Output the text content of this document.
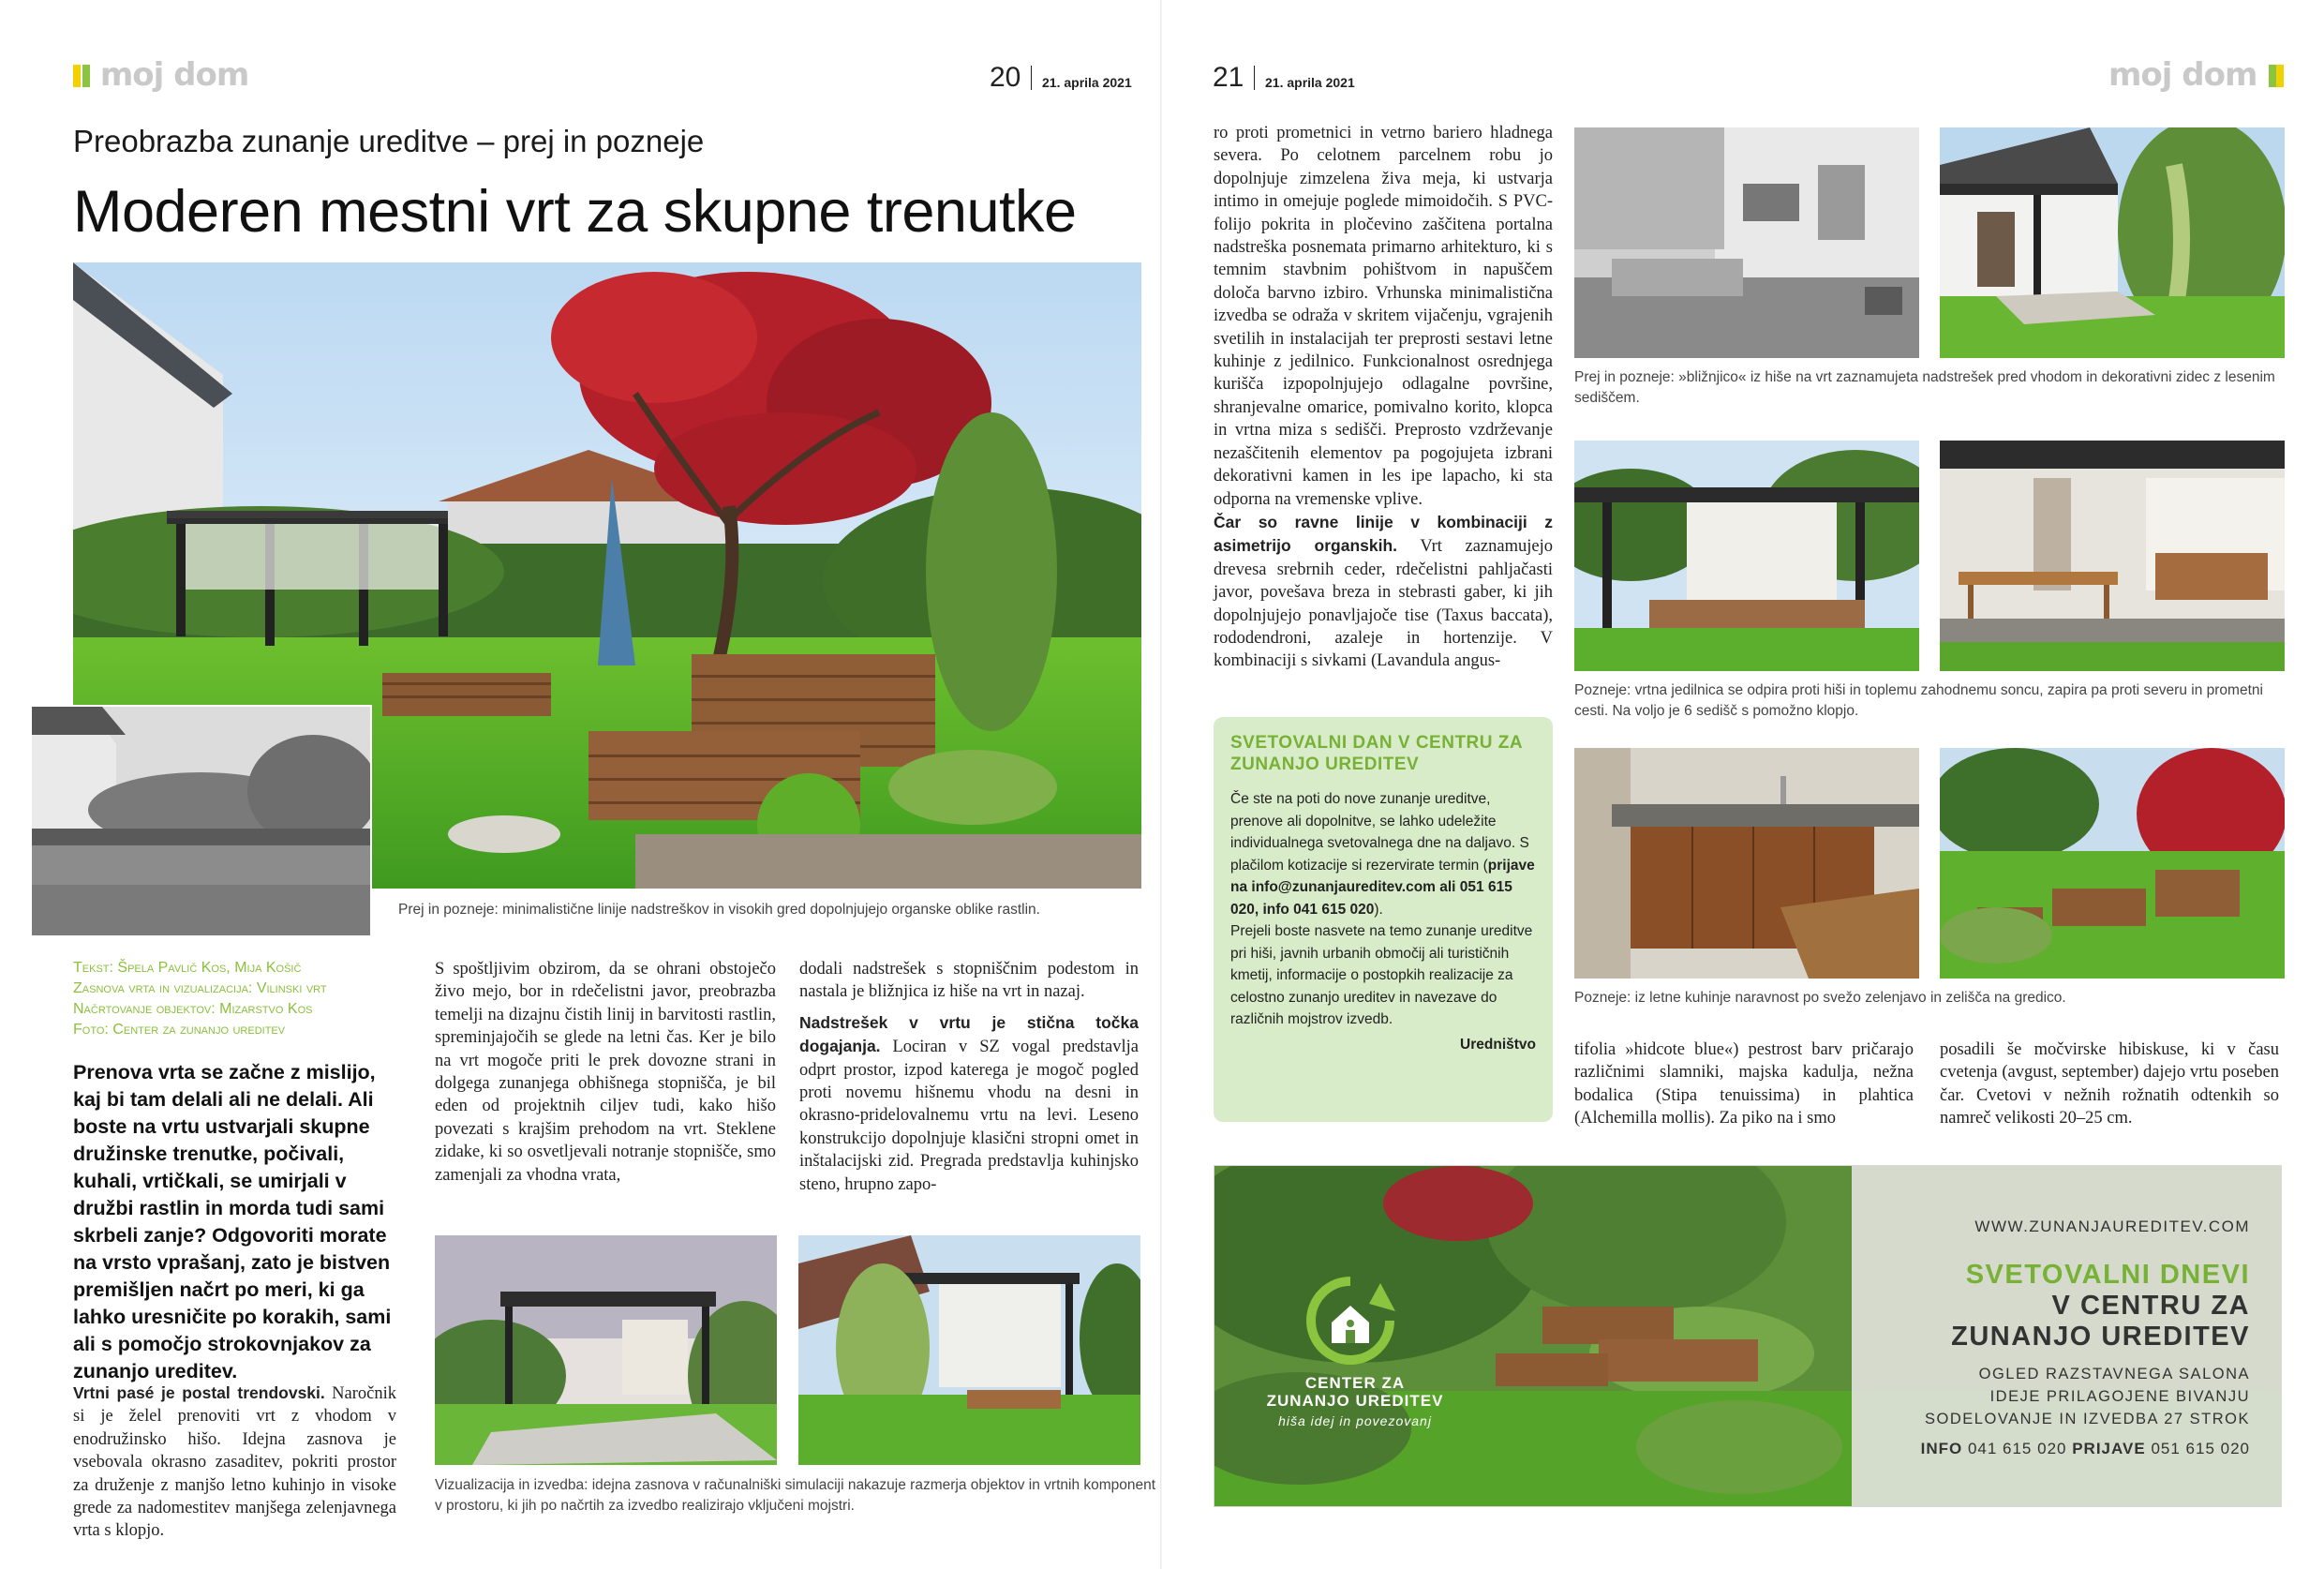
moj dom	20 21. aprila 2021
Preobrazba zunanje ureditve – prej in pozneje
Moderen mestni vrt za skupne trenutke
Prej in pozneje: minimalistične linije nadstreškov in visokih gred dopolnjujejo organske oblike rastlin.
Tekst: Špela Pavlič Kos, Mija Košič
Zasnova vrta in vizualizacija: Vilinski vrt
Načrtovanje objektov: Mizarstvo Kos
Foto: Center za zunanjo ureditev
Prenova vrta se začne z mislijo, kaj bi tam delali ali ne delali. Ali boste na vrtu ustvarjali skupne družinske trenutke, počivali, kuhali, vrtičkali, se umirjali v družbi rastlin in morda tudi sami skrbeli zanje? Odgovoriti morate na vrsto vprašanj, zato je bistven premišljen načrt po meri, ki ga lahko uresničite po korakih, sami ali s pomočjo strokovnjakov za zunanjo ureditev.
Vrtni pasé je postal trendovski. Naročnik si je želel prenoviti vrt z vhodom v enodružinsko hišo. Idejna zasnova je vsebovala okrasno zasaditev, pokriti prostor za druženje z manjšo letno kuhinjo in visoke grede za nadomestitev manjšega zelenjavnega vrta s klopjo.
S spoštljivim obzirom, da se ohrani obstoječo živo mejo, bor in rdečelistni javor, preobrazba temelji na dizajnu čistih linij in barvitosti rastlin, spreminjajočih se glede na letni čas. Ker je bilo na vrt mogoče priti le prek dovozne strani in dolgega zunanjega obhišnega stopnišča, je bil eden od projektnih ciljev tudi, kako hišo povezati s krajšim prehodom na vrt. Steklene zidake, ki so osvetljevali notranje stopnišče, smo zamenjali za vhodna vrata,
dodali nadstrešek s stopniščnim podestom in nastala je bližnjica iz hiše na vrt in nazaj.
Nadstrešek v vrtu je stična točka dogajanja. Lociran v SZ vogal predstavlja odprt prostor, izpod katerega je mogoč pogled proti novemu hišnemu vhodu na desni in okrasno-pridelovalnemu vrtu na levi. Leseno konstrukcijo dopolnjuje klasični stropni omet in inštalacijski zid. Pregrada predstavlja kuhinjsko steno, hrupno zapo-
Vizualizacija in izvedba: idejna zasnova v računalniški simulaciji nakazuje razmerja objektov in vrtnih komponent v prostoru, ki jih po načrtih za izvedbo realizirajo vključeni mojstri.
21 21. aprila 2021	moj dom
ro proti prometnici in vetrno bariero hladnega severa. Po celotnem parcelnem robu jo dopolnjuje zimzelena živa meja, ki ustvarja intimo in omejuje poglede mimoidočih. S PVC-folijo pokrita in pločevino zaščitena portalna nadstreška posnemata primarno arhitekturo, ki s temnim stavbnim pohištvom in napuščem določa barvno izbiro. Vrhunska minimalistična izvedba se odraža v skritem vijačenju, vgrajenih svetilih in instalacijah ter preprosti sestavi letne kuhinje z jedilnico. Funkcionalnost osrednjega kurišča izpopolnjujejo odlagalne površine, shranjevalne omarice, pomivalno korito, klopca in vrtna miza s sedišči. Preprosto vzdrževanje nezaščitenih elementov pa pogojujeta izbrani dekorativni kamen in les ipe lapacho, ki sta odporna na vremenske vplive.
Čar so ravne linije v kombinaciji z asimetrijo organskih. Vrt zaznamujejo drevesa srebrnih ceder, rdečelistni pahljačasti javor, povešava breza in stebrasti gaber, ki jih dopolnjujejo ponavljajoče tise (Taxus baccata), rododendroni, azaleje in hortenzije. V kombinaciji s sivkami (Lavandula angus-
Prej in pozneje: »bližnjico« iz hiše na vrt zaznamujeta nadstrešek pred vhodom in dekorativni zidec z lesenim sediščem.
Pozneje: vrtna jedilnica se odpira proti hiši in toplemu zahodnemu soncu, zapira pa proti severu in prometni cesti. Na voljo je 6 sedišč s pomožno klopjo.
Pozneje: iz letne kuhinje naravnost po svežo zelenjavo in zelišča na gredico.
tifolia »hidcote blue«) pestrost barv pričarajo različnimi slamniki, majska kadulja, nežna bodalica (Stipa tenuissima) in plahtica (Alchemilla mollis). Za piko na i smo
posadili še močvirske hibiskuse, ki v času cvetenja (avgust, september) dajejo vrtu poseben čar. Cvetovi v nežnih rožnatih odtenkih so namreč velikosti 20–25 cm.
SVETOVALNI DAN V CENTRU ZA ZUNANJO UREDITEV
Če ste na poti do nove zunanje ureditve, prenove ali dopolnitve, se lahko udeležite individualnega svetovalnega dne na daljavo. S plačilom kotizacije si rezervirate termin (prijave na info@zunanjaureditev.com ali 051 615 020, info 041 615 020).
Prejeli boste nasvete na temo zunanje ureditve pri hiši, javnih urbanih območij ali turističnih kmetij, informacije o postopkih realizacije za celostno zunanjo ureditev in navezave do različnih mojstrov izvedb.
Uredništvo
CENTER ZA
ZUNANJO UREDITEV
hiša idej in povezovanj
WWW.ZUNANJAUREDITEV.COM
SVETOVALNI DNEVI
V CENTRU ZA
ZUNANJO UREDITEV
OGLED RAZSTAVNEGA SALONA
IDEJE PRILAGOJENE BIVANJU
SODELOVANJE IN IZVEDBA 27 STROK
INFO 041 615 020 PRIJAVE 051 615 020
